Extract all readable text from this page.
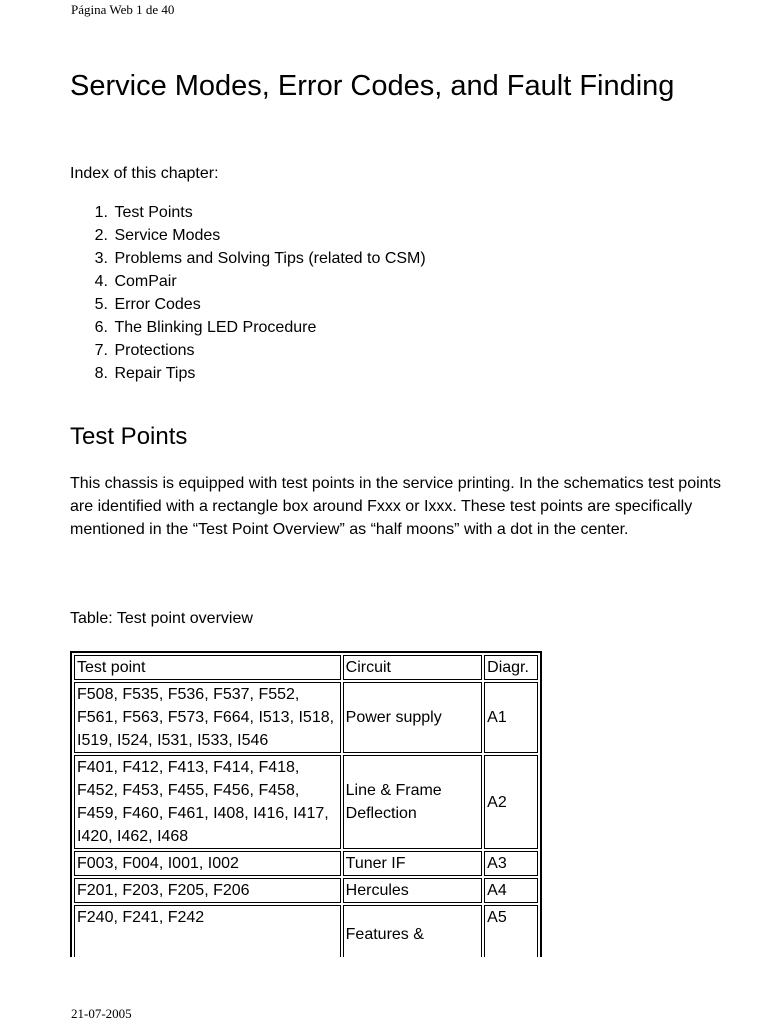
Página Web 1 de 40
Service Modes, Error Codes, and Fault Finding

Index of this chapter:

1. Test Points
2. Service Modes
3. Problems and Solving Tips (related to CSM)
4. ComPair
5. Error Codes
6. The Blinking LED Procedure
7. Protections
8. Repair Tips
Test Points

This chassis is equipped with test points in the service printing. In the schematics test points are identified with a rectangle box around Fxxx or Ixxx. These test points are specifically mentioned in the “Test Point Overview” as “half moons” with a dot in the center.

Table: Test point overview

Test point	Circuit	Diagr.
F508, F535, F536, F537, F552, F561, F563, F573, F664, I513, I518, I519, I524, I531, I533, I546	Power supply	A1
F401, F412, F413, F414, F418, F452, F453, F455, F456, F458, F459, F460, F461, I408, I416, I417, I420, I462, I468	Line & Frame Deflection	A2
F003, F004, I001, I002	Tuner IF	A3
F201, F203, F205, F206	Hercules	A4
F240, F241, F242	Features &	A5
21-07-2005
